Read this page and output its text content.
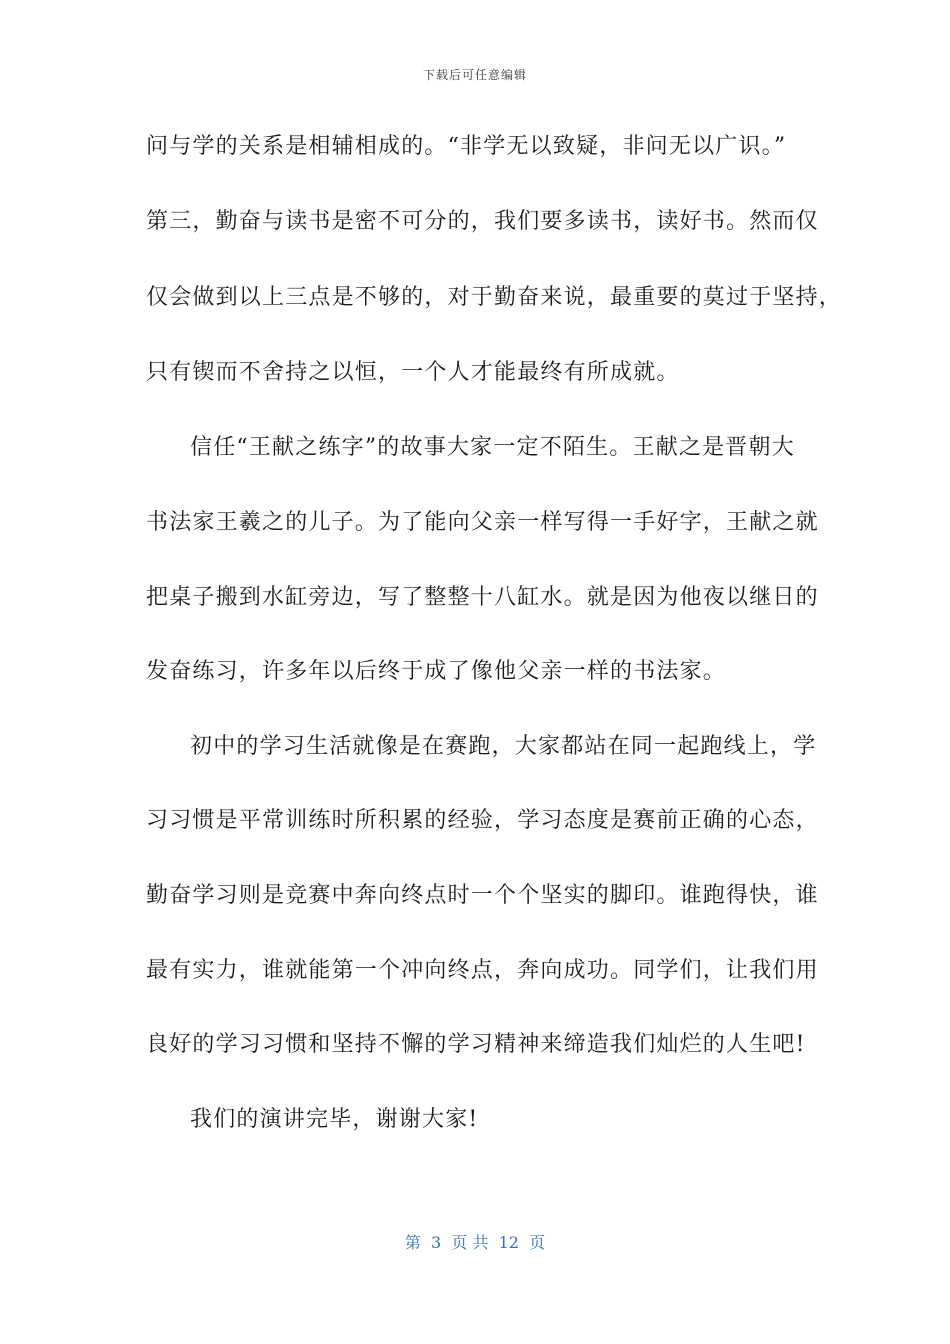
下载后可任意编辑
问与学的关系是相辅相成的。“非学无以致疑，非问无以广识。”
第三，勤奋与读书是密不可分的，我们要多读书，读好书。然而仅
仅会做到以上三点是不够的，对于勤奋来说，最重要的莫过于坚持，
只有锲而不舍持之以恒，一个人才能最终有所成就。
信任“王献之练字”的故事大家一定不陌生。王献之是晋朝大
书法家王羲之的儿子。为了能向父亲一样写得一手好字，王献之就
把桌子搬到水缸旁边，写了整整十八缸水。就是因为他夜以继日的
发奋练习，许多年以后终于成了像他父亲一样的书法家。
初中的学习生活就像是在赛跑，大家都站在同一起跑线上，学
习习惯是平常训练时所积累的经验，学习态度是赛前正确的心态，
勤奋学习则是竞赛中奔向终点时一个个坚实的脚印。谁跑得快，谁
最有实力，谁就能第一个冲向终点，奔向成功。同学们，让我们用
良好的学习习惯和坚持不懈的学习精神来缔造我们灿烂的人生吧!
我们的演讲完毕，谢谢大家!
第  3  页 共  12  页
